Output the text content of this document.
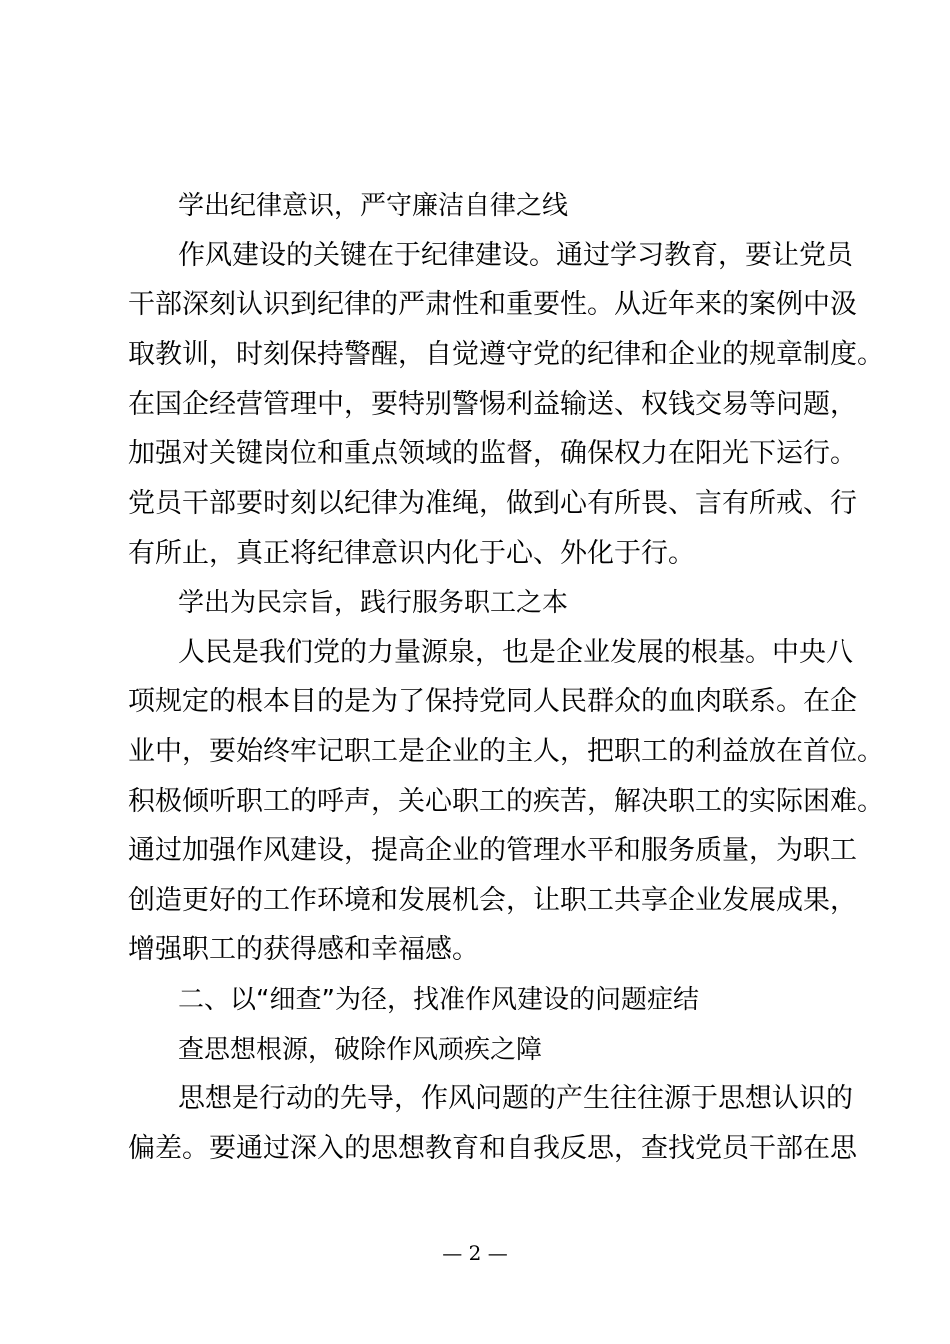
学出纪律意识，严守廉洁自律之线
作风建设的关键在于纪律建设。通过学习教育，要让党员
干部深刻认识到纪律的严肃性和重要性。从近年来的案例中汲
取教训，时刻保持警醒，自觉遵守党的纪律和企业的规章制度。
在国企经营管理中，要特别警惕利益输送、权钱交易等问题，
加强对关键岗位和重点领域的监督，确保权力在阳光下运行。
党员干部要时刻以纪律为准绳，做到心有所畏、言有所戒、行
有所止，真正将纪律意识内化于心、外化于行。
学出为民宗旨，践行服务职工之本
人民是我们党的力量源泉，也是企业发展的根基。中央八
项规定的根本目的是为了保持党同人民群众的血肉联系。在企
业中，要始终牢记职工是企业的主人，把职工的利益放在首位。
积极倾听职工的呼声，关心职工的疾苦，解决职工的实际困难。
通过加强作风建设，提高企业的管理水平和服务质量，为职工
创造更好的工作环境和发展机会，让职工共享企业发展成果，
增强职工的获得感和幸福感。
二、以“细查”为径，找准作风建设的问题症结
查思想根源，破除作风顽疾之障
思想是行动的先导，作风问题的产生往往源于思想认识的
偏差。要通过深入的思想教育和自我反思，查找党员干部在思
— 2 —
